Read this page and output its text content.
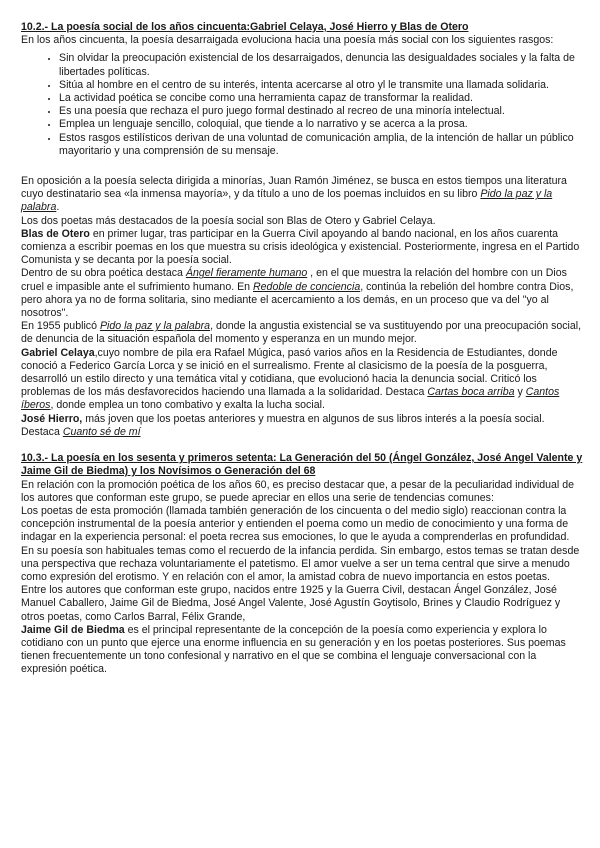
10.2.- La poesía social de los años cincuenta:Gabriel Celaya, José Hierro y Blas de Otero

En los años cincuenta, la poesía desarraigada evoluciona hacia una poesía más social con los siguientes rasgos:

• Sin olvidar la preocupación existencial de los desarraigados, denuncia las desigualdades sociales y la falta de libertades políticas.
• Sitúa al hombre en el centro de su interés, intenta acercarse al otro yl le transmite una llamada solidaria.
• La actividad poética se concibe como una herramienta capaz de transformar la realidad.
• Es una poesía que rechaza el puro juego formal destinado al recreo de una minoría intelectual.
• Emplea un lenguaje sencillo, coloquial, que tiende a lo narrativo y se acerca a la prosa.
• Estos rasgos estilísticos derivan de una voluntad de comunicación amplia, de la intención de hallar un público mayoritario y una comprensión de su mensaje.

En oposición a la poesía selecta dirigida a minorías, Juan Ramón Jiménez, se busca en estos tiempos una literatura cuyo destinatario sea «la inmensa mayoría», y da título a uno de los poemas incluidos en su libro Pido la paz y la palabra.

Los dos poetas más destacados de la poesía social son Blas de Otero y Gabriel Celaya.

Blas de Otero en primer lugar, tras participar en la Guerra Civil apoyando al bando nacional, en los años cuarenta comienza a escribir poemas en los que muestra su crisis ideológica y existencial. Posteriormente, ingresa en el Partido Comunista y se decanta por la poesía social.

Dentro de su obra poética destaca Ángel fieramente humano , en el que muestra la relación del hombre con un Dios cruel e impasible ante el sufrimiento humano. En Redoble de conciencia, continúa la rebelión del hombre contra Dios, pero ahora ya no de forma solitaria, sino mediante el acercamiento a los demás, en un proceso que va del "yo al nosotros".

En 1955 publicó Pido la paz y la palabra, donde la angustia existencial se va sustituyendo por una preocupación social, de denuncia de la situación española del momento y esperanza en un mundo mejor.

Gabriel Celaya,cuyo nombre de pila era Rafael Múgica, pasó varios años en la Residencia de Estudiantes, donde conoció a Federico García Lorca y se inició en el surrealismo. Frente al clasicismo de la poesía de la posguerra, desarrolló un estilo directo y una temática vital y cotidiana, que evolucionó hacia la denuncia social. Criticó los problemas de los más desfavorecidos haciendo una llamada a la solidaridad. Destaca Cartas boca arriba y Cantos íberos, donde emplea un tono combativo y exalta la lucha social.

José Hierro, más joven que los poetas anteriores y muestra en algunos de sus libros interés a la poesía social. Destaca Cuanto sé de mí

10.3.- La poesía en los sesenta y primeros setenta: La Generación del 50 (Ángel González, José Angel Valente y Jaime Gil de Biedma) y los Novísimos o Generación del 68

En relación con la promoción poética de los años 60, es preciso destacar que, a pesar de la peculiaridad individual de los autores que conforman este grupo, se puede apreciar en ellos una serie de tendencias comunes:

Los poetas de esta promoción (llamada también generación de los cincuenta o del medio siglo) reaccionan contra la concepción instrumental de la poesía anterior y entienden el poema como un medio de conocimiento y una forma de indagar en la experiencia personal: el poeta recrea sus emociones, lo que le ayuda a comprenderlas en profundidad.

En su poesía son habituales temas como el recuerdo de la infancia perdida. Sin embargo, estos temas se tratan desde una perspectiva que rechaza voluntariamente el patetismo. El amor vuelve a ser un tema central que sirve a menudo como expresión del erotismo. Y en relación con el amor, la amistad cobra de nuevo importancia en estos poetas.

Entre los autores que conforman este grupo, nacidos entre 1925 y la Guerra Civil, destacan Ángel González, José Manuel Caballero, Jaime Gil de Biedma, José Angel Valente, José Agustín Goytisolo, Brines y Claudio Rodríguez y otros poetas, como Carlos Barral, Félix Grande,

Jaime Gil de Biedma es el principal representante de la concepción de la poesía como experiencia y explora lo cotidiano con un punto que ejerce una enorme influencia en su generación y en los poetas posteriores. Sus poemas tienen frecuentemente un tono confesional y narrativo en el que se combina el lenguaje conversacional con la expresión poética.
